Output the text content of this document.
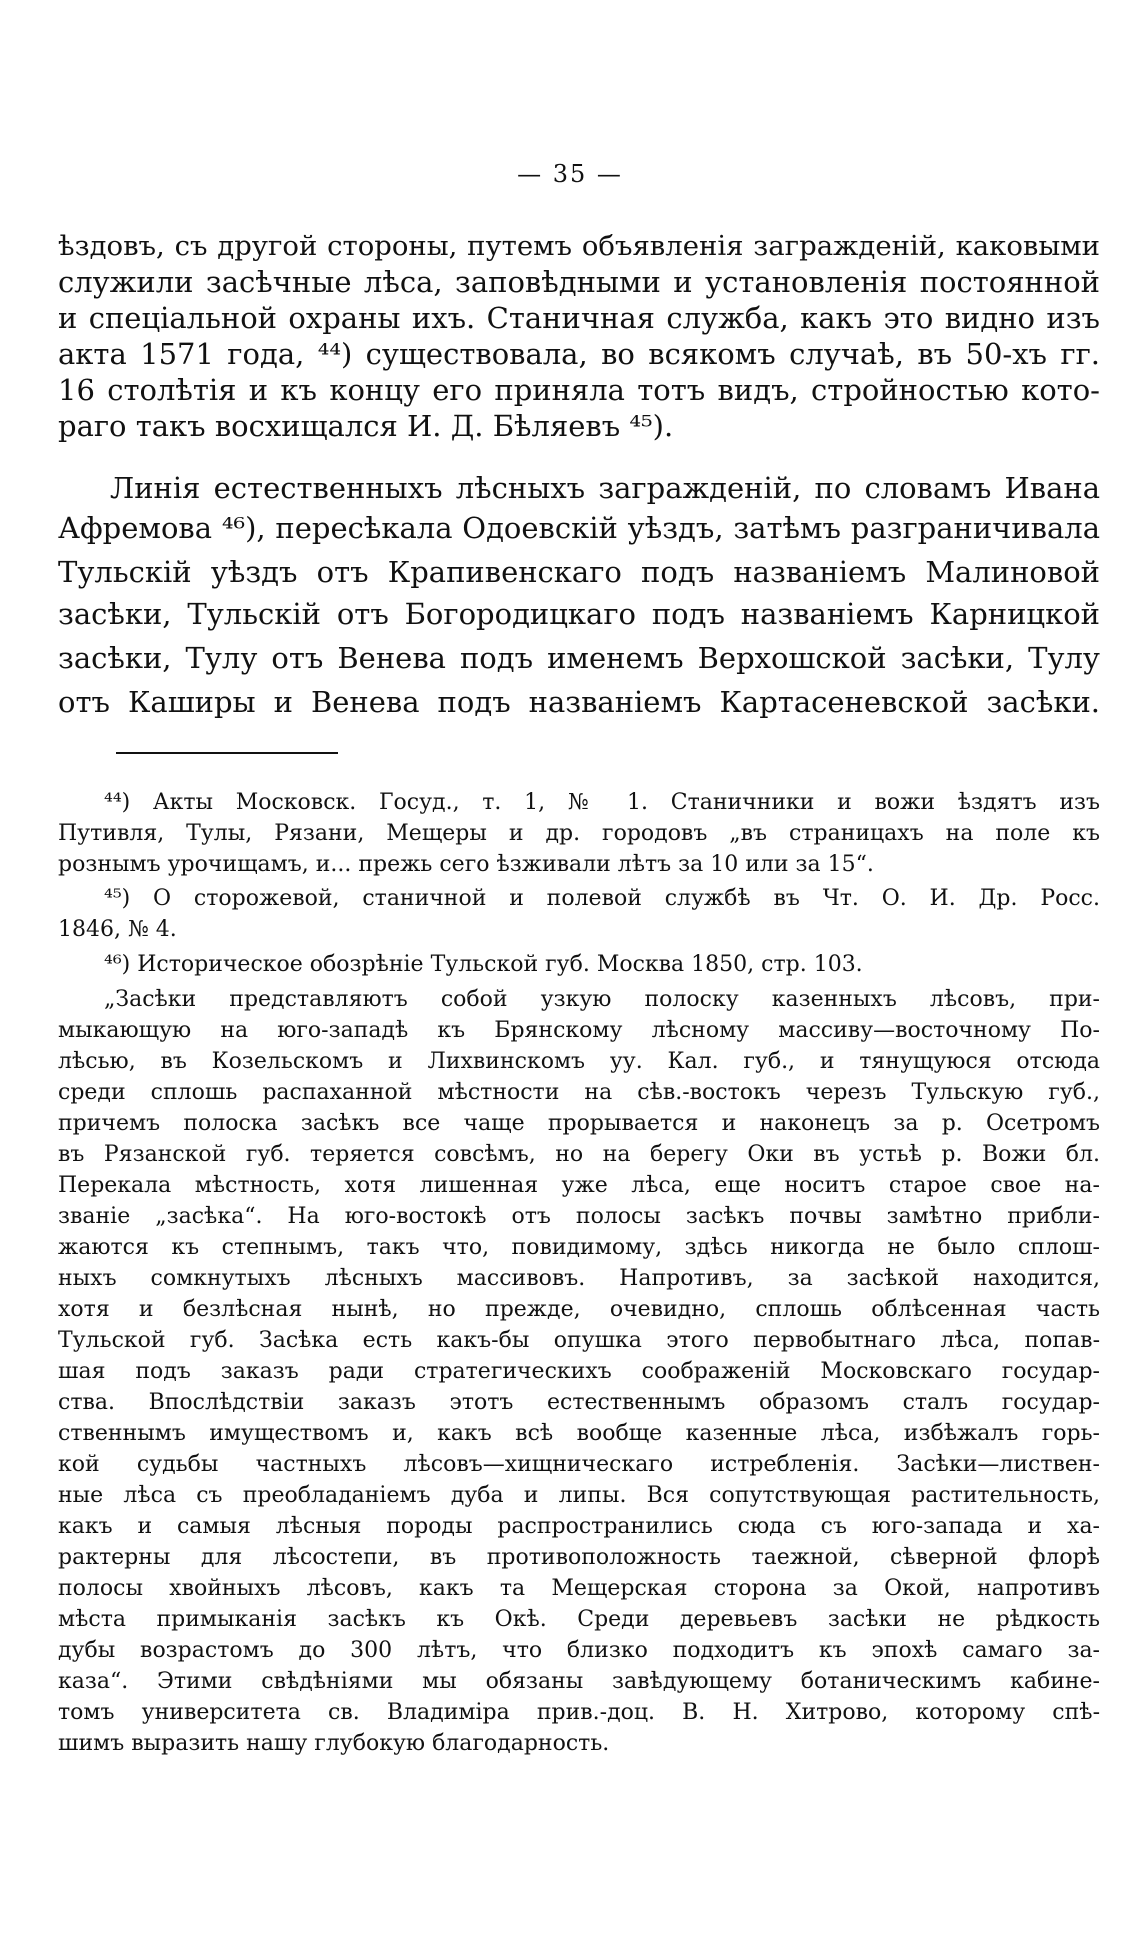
— 35 —
ѣздовъ, съ другой стороны, путемъ объявленія загражденій, каковыми
служили засѣчные лѣса, заповѣдными и установленія постоянной
и спеціальной охраны ихъ. Станичная служба, какъ это видно изъ
акта 1571 года, ⁴⁴) существовала, во всякомъ случаѣ, въ 50-хъ гг.
16 столѣтія и къ концу его приняла тотъ видъ, стройностью кото-
раго такъ восхищался И. Д. Бѣляевъ ⁴⁵).
Линія естественныхъ лѣсныхъ загражденій, по словамъ Ивана
Афремова ⁴⁶), пересѣкала Одоевскій уѣздъ, затѣмъ разграничивала
Тульскій уѣздъ отъ Крапивенскаго подъ названіемъ Малиновой
засѣки, Тульскій отъ Богородицкаго подъ названіемъ Карницкой
засѣки, Тулу отъ Венева подъ именемъ Верхошской засѣки, Тулу
отъ Каширы и Венева подъ названіемъ Картасеневской засѣки.
⁴⁴) Акты Московск. Госуд., т. 1, № 1. Станичники и вожи ѣздятъ изъ
Путивля, Тулы, Рязани, Мещеры и др. городовъ „въ страницахъ на поле къ
рознымъ урочищамъ, и... прежь сего ѣзживали лѣтъ за 10 или за 15“.
⁴⁵) О сторожевой, станичной и полевой службѣ въ Чт. О. И. Др. Росс.
1846, № 4.
⁴⁶) Историческое обозрѣніе Тульской губ. Москва 1850, стр. 103.
„Засѣки представляютъ собой узкую полоску казенныхъ лѣсовъ, при-
мыкающую на юго-западѣ къ Брянскому лѣсному массиву—восточному По-
лѣсью, въ Козельскомъ и Лихвинскомъ уу. Кал. губ., и тянущуюся отсюда
среди сплошь распаханной мѣстности на сѣв.-востокъ черезъ Тульскую губ.,
причемъ полоска засѣкъ все чаще прорывается и наконецъ за р. Осетромъ
въ Рязанской губ. теряется совсѣмъ, но на берегу Оки въ устьѣ р. Вожи бл.
Перекала мѣстность, хотя лишенная уже лѣса, еще носитъ старое свое на-
званіе „засѣка“. На юго-востокѣ отъ полосы засѣкъ почвы замѣтно прибли-
жаются къ степнымъ, такъ что, повидимому, здѣсь никогда не было сплош-
ныхъ сомкнутыхъ лѣсныхъ массивовъ. Напротивъ, за засѣкой находится,
хотя и безлѣсная нынѣ, но прежде, очевидно, сплошь облѣсенная часть
Тульской губ. Засѣка есть какъ-бы опушка этого первобытнаго лѣса, попав-
шая подъ заказъ ради стратегическихъ соображеній Московскаго государ-
ства. Впослѣдствіи заказъ этотъ естественнымъ образомъ сталъ государ-
ственнымъ имуществомъ и, какъ всѣ вообще казенные лѣса, избѣжалъ горь-
кой судьбы частныхъ лѣсовъ—хищническаго истребленія. Засѣки—листвен-
ные лѣса съ преобладаніемъ дуба и липы. Вся сопутствующая растительность,
какъ и самыя лѣсныя породы распространились сюда съ юго-запада и ха-
рактерны для лѣсостепи, въ противоположность таежной, сѣверной флорѣ
полосы хвойныхъ лѣсовъ, какъ та Мещерская сторона за Окой, напротивъ
мѣста примыканія засѣкъ къ Окѣ. Среди деревьевъ засѣки не рѣдкость
дубы возрастомъ до 300 лѣтъ, что близко подходитъ къ эпохѣ самаго за-
каза“. Этими свѣдѣніями мы обязаны завѣдующему ботаническимъ кабине-
томъ университета св. Владиміра прив.-доц. В. Н. Хитрово, которому спѣ-
шимъ выразить нашу глубокую благодарность.
